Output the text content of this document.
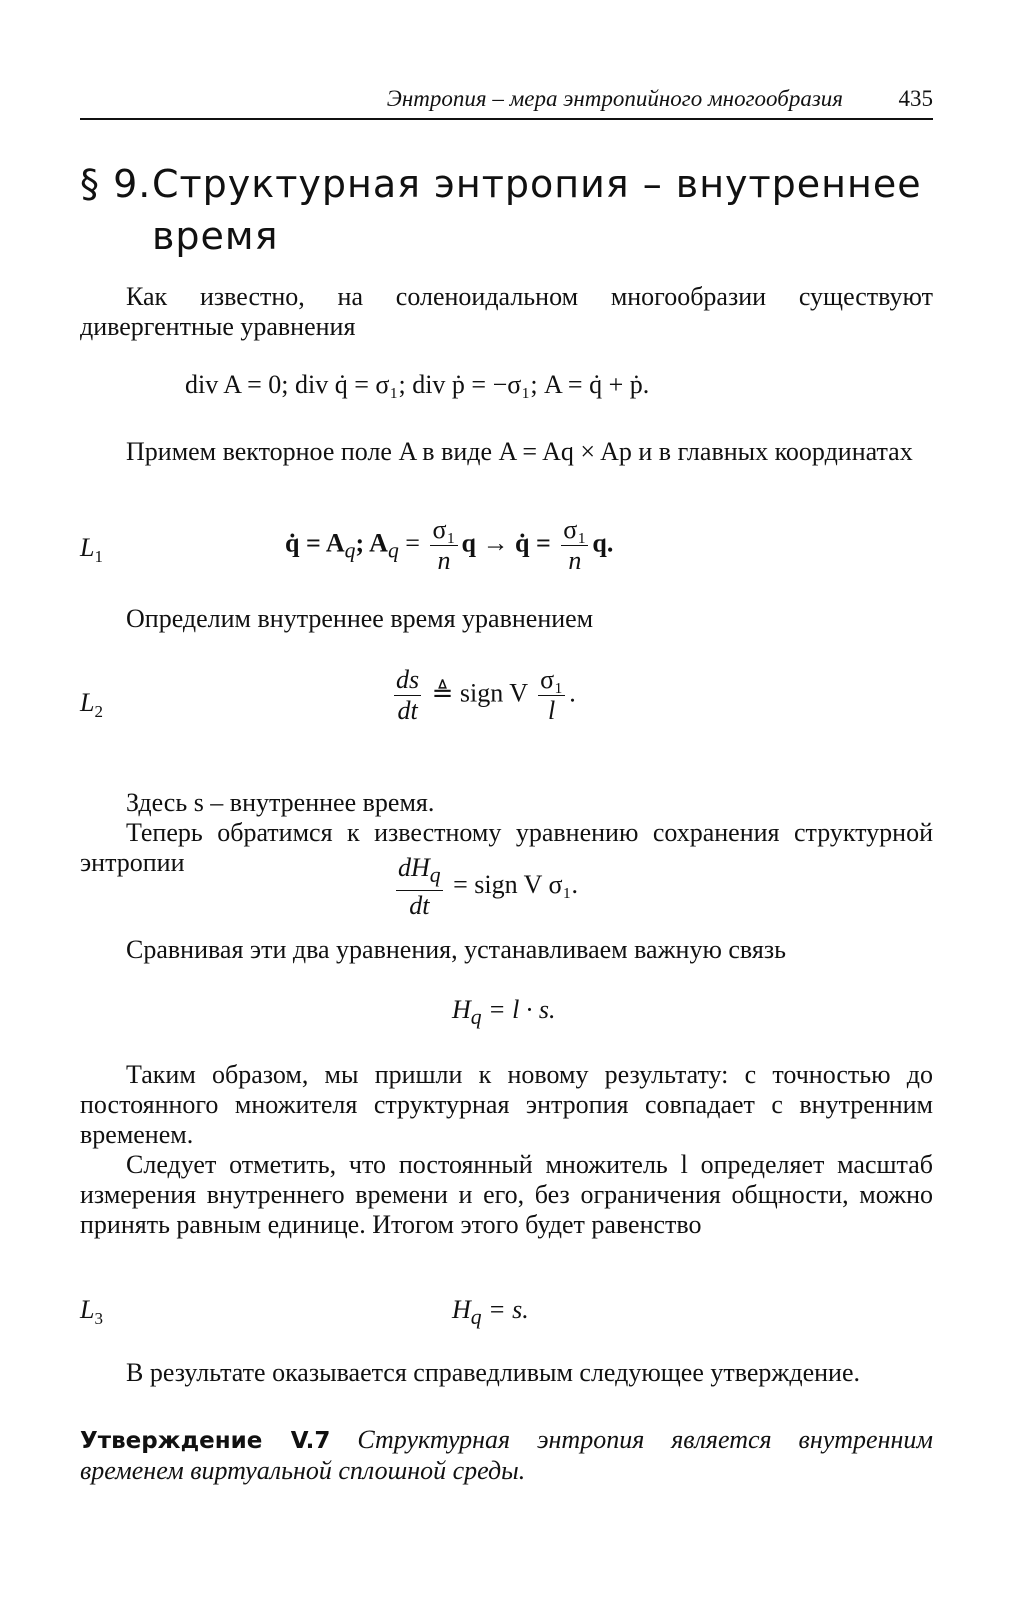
Энтропия – мера энтропийного многообразия 435
§ 9. Структурная энтропия – внутреннее время

Как известно, на соленоидальном многообразии существуют дивергентные уравнения

div A = 0; div q̇ = σ₁; div ṗ = −σ₁; A = q̇ + ṗ.

Примем векторное поле A в виде A = Aq × Ap и в главных координатах

$L_1$	q̇ = $A_q$; $A_q = \frac{\text{σ₁}}{n}$ q → q̇ = $\frac{\text{σ₁}}{n} q$.

Определим внутреннее время уравнением

$L_2$	$\frac{ds}{dt}$ ≜ sign V $\frac{\text{σ₁}}{l}$ .

Здесь s – внутреннее время.

Теперь обратимся к известному уравнению сохранения структурной энтропии	$\frac{dH_q}{dt}$ = sign V σ₁.

Сравнивая эти два уравнения, устанавливаем важную связь

$H_q = l \cdot s$.

Таким образом, мы пришли к новому результату: с точностью до постоянного множителя структурная энтропия совпадает с внутренним временем.

Следует отметить, что постоянный множитель l определяет масштаб измерения внутреннего времени и его, без ограничения общности, можно принять равным единице. Итогом этого будет равенство

$L_3$	$H_q = s$.

В результате оказывается справедливым следующее утверждение.

Утверждение V.7 Структурная энтропия является внутренним временем виртуальной сплошной среды.
